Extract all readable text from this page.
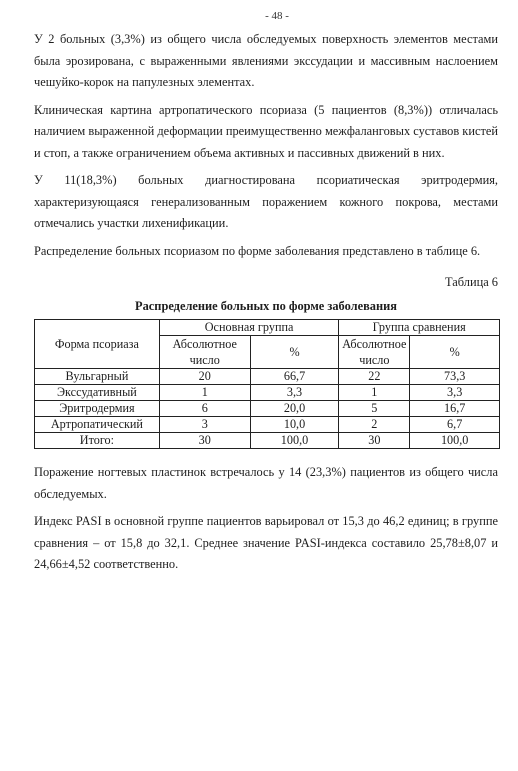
- 48 -

У 2 больных (3,3%) из общего числа обследуемых поверхность элементов местами была эрозирована, с выраженными явлениями экссудации и массивным наслоением чешуйко-корок на папулезных элементах.

Клиническая картина артропатического псориаза (5 пациентов (8,3%)) отличалась наличием выраженной деформации преимущественно межфаланговых суставов кистей и стоп, а также ограничением объема активных и пассивных движений в них.

У 11(18,3%) больных диагностирована псориатическая эритродермия, характеризующаяся генерализованным поражением кожного покрова, местами отмечались участки лихенификации.

Распределение больных псориазом по форме заболевания представлено в таблице 6.

Таблица 6
Распределение больных по форме заболевания
Форма псориаза	Основная группа		Группа сравнения	
	Абсолютное число	%	Абсолютное число	%
Вульгарный	20	66,7	22	73,3
Экссудативный	1	3,3	1	3,3
Эритродермия	6	20,0	5	16,7
Артропатический	3	10,0	2	6,7
Итого:	30	100,0	30	100,0

Поражение ногтевых пластинок встречалось у 14 (23,3%) пациентов из общего числа обследуемых.

Индекс PASI в основной группе пациентов варьировал от 15,3 до 46,2 единиц; в группе сравнения – от 15,8 до 32,1. Среднее значение PASI-индекса составило 25,78±8,07 и 24,66±4,52 соответственно.
